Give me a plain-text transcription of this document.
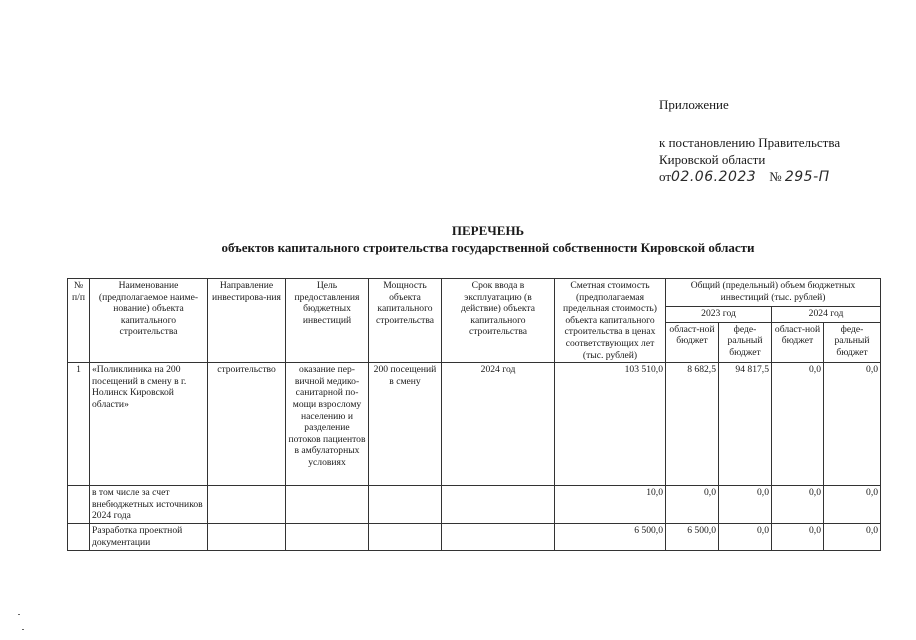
Приложение
к постановлению Правительства
Кировской области
от02.06.2023 № 295-П
ПЕРЕЧЕНЬ
объектов капитального строительства государственной собственности Кировской области
№ п/п	Наименование (предполагаемое наиме-нование) объекта капитального строительства	Направление инвестирова-ния	Цель предоставления бюджетных инвестиций	Мощность объекта капитального строительства	Срок ввода в эксплуатацию (в действие) объекта капитального строительства	Сметная стоимость (предполагаемая предельная стоимость) объекта капитального строительства в ценах соответствующих лет (тыс. рублей)	Общий (предельный) объем бюджетных инвестиций (тыс. рублей)			
							2023 год		2024 год	
							област-ной бюджет	феде-ральный бюджет	област-ной бюджет	феде-ральный бюджет
1	«Поликлиника на 200 посещений в смену в г. Нолинск Кировской области»	строительство	оказание пер-вичной медико-санитарной по-мощи взрослому населению и разделение потоков пациентов в амбулаторных условиях	200 посещений в смену	2024 год	103 510,0	8 682,5	94 817,5	0,0	0,0
	в том числе за счет внебюджетных источников 2024 года					10,0	0,0	0,0	0,0	0,0
	Разработка проектной документации					6 500,0	6 500,0	0,0	0,0	0,0
